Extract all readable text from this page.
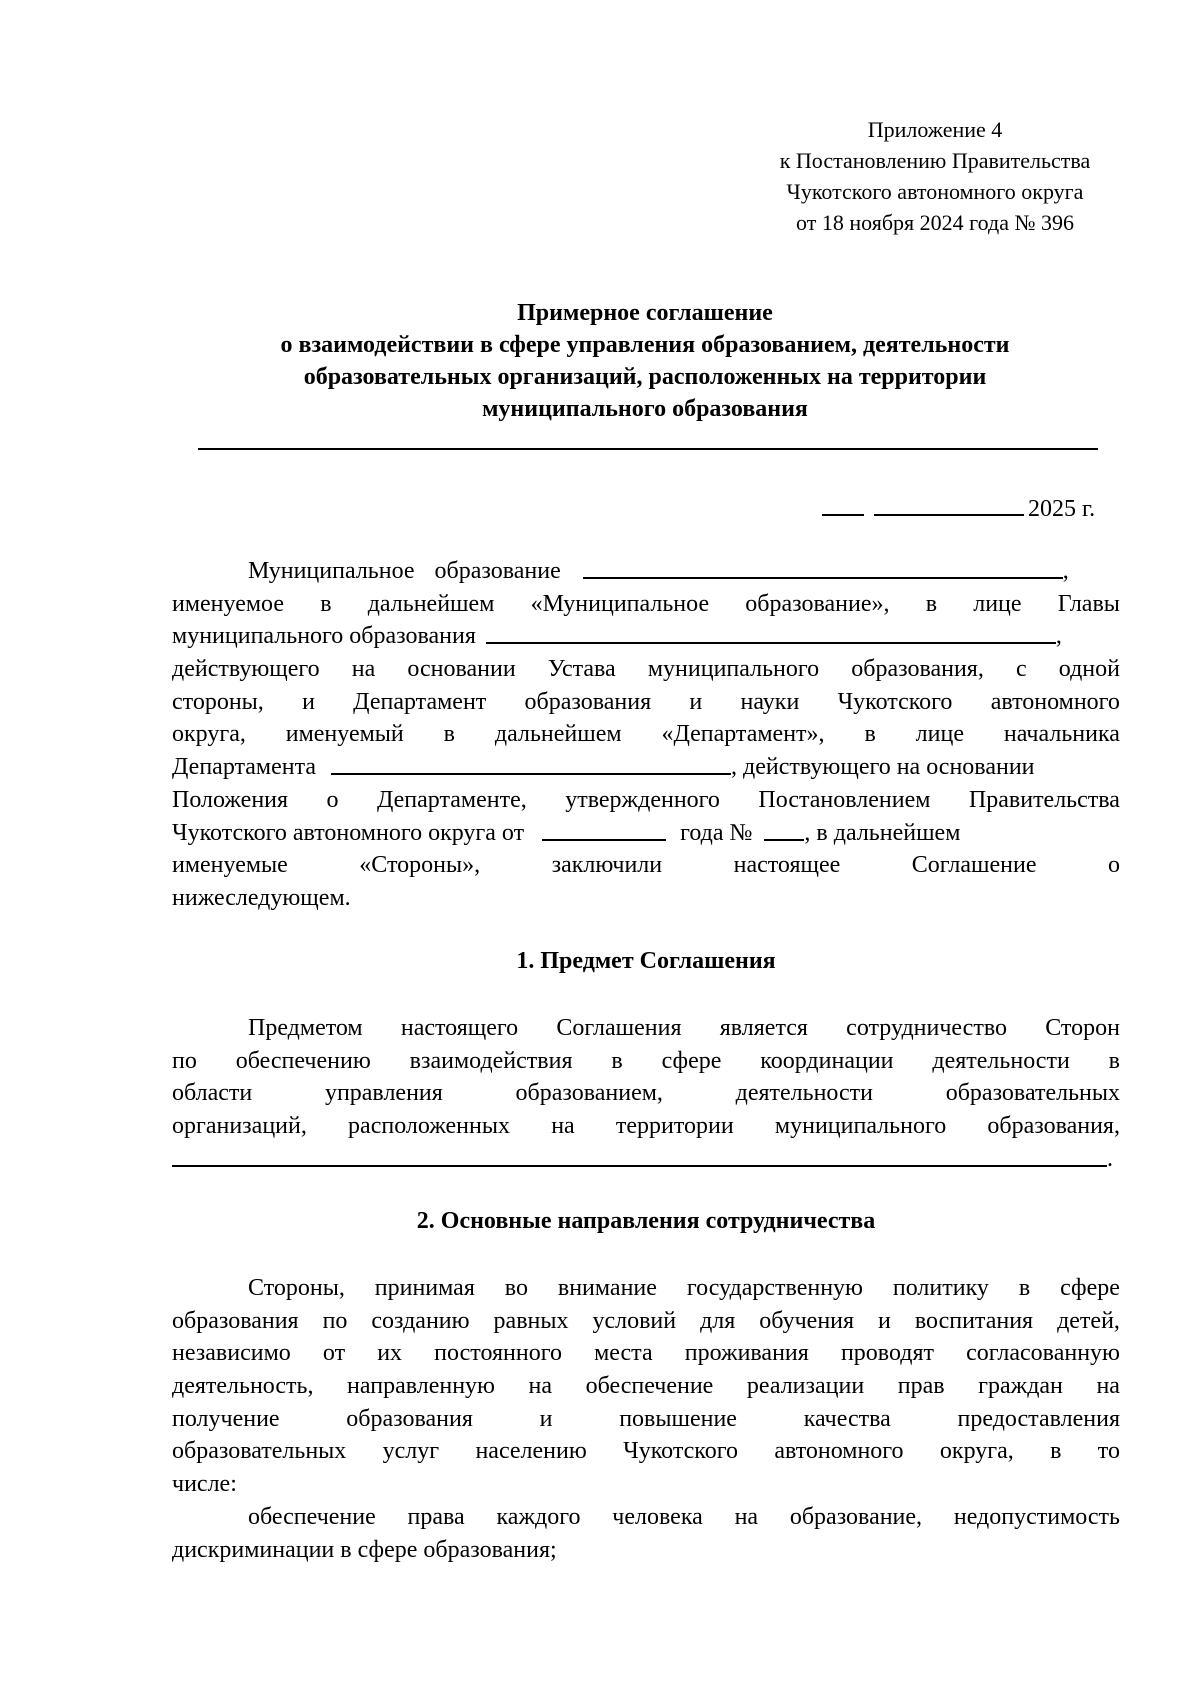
Приложение 4
к Постановлению Правительства
Чукотского автономного округа
от 18 ноября 2024 года № 396
Примерное соглашение
о взаимодействии в сфере управления образованием, деятельности
образовательных организаций, расположенных на территории
муниципального образования
2025 г.
Муниципальное образование	,
именуемое в дальнейшем «Муниципальное образование», в лице Главы
муниципального образования	,
действующего на основании Устава муниципального образования, с одной
стороны, и Департамент образования и науки Чукотского автономного
округа, именуемый в дальнейшем «Департамент», в лице начальника
Департамента	, действующего на основании
Положения о Департаменте, утвержденного Постановлением Правительства
Чукотского автономного округа от	года № , в дальнейшем
именуемые	«Стороны»,	заключили	настоящее	Соглашение	о
нижеследующем.
1. Предмет Соглашения
Предметом настоящего Соглашения является сотрудничество Сторон
по обеспечению взаимодействия в сфере координации деятельности в
области	управления	образованием,	деятельности	образовательных
организаций, расположенных на территории муниципального образования,
.
2. Основные направления сотрудничества
Стороны, принимая во внимание государственную политику в сфере
образования по созданию равных условий для обучения и воспитания детей,
независимо от их постоянного места проживания проводят согласованную
деятельность, направленную на обеспечение реализации прав граждан на
получение	образования	и	повышение	качества	предоставления
образовательных услуг населению Чукотского автономного округа, в то
числе:
обеспечение права каждого человека на образование, недопустимость
дискриминации в сфере образования;
